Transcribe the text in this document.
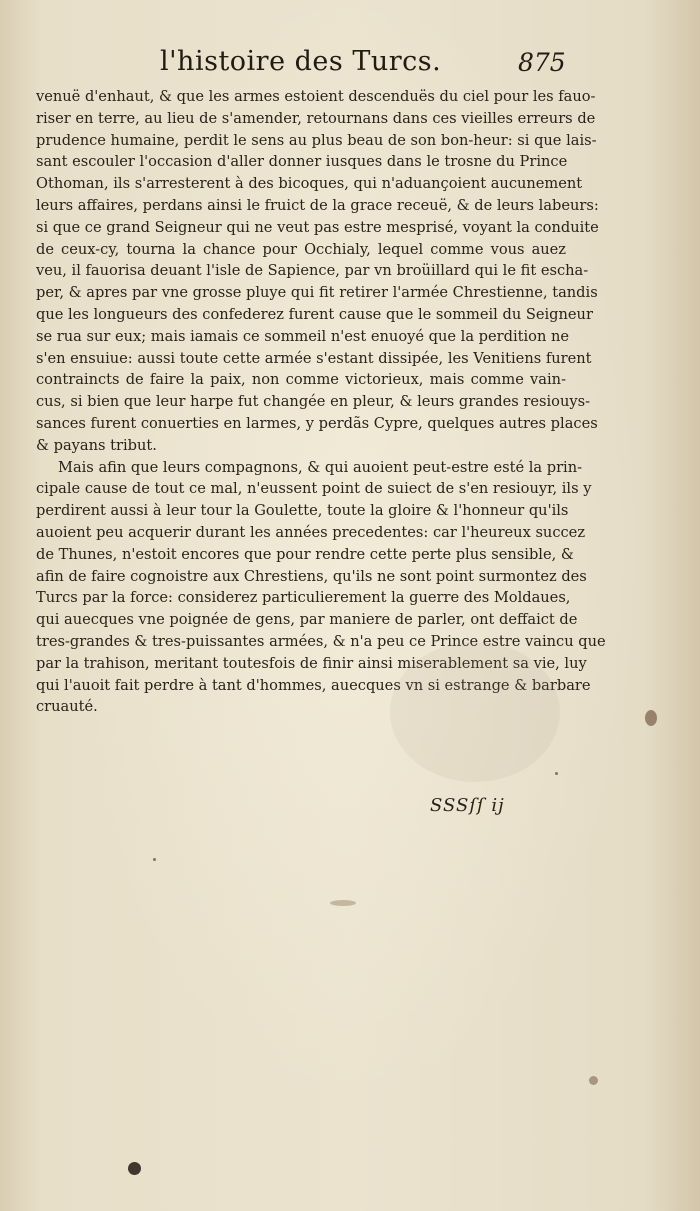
l'histoire des Turcs.	875
venuë d'enhaut, & que les armes estoient descenduës du ciel pour les fauo-
riser en terre, au lieu de s'amender, retournans dans ces vieilles erreurs de
prudence humaine, perdit le sens au plus beau de son bon-heur: si que lais-
sant escouler l'occasion d'aller donner iusques dans le trosne du Prince
Othoman, ils s'arresterent à des bicoques, qui n'aduançoient aucunement
leurs affaires, perdans ainsi le fruict de la grace receuë, & de leurs labeurs:
si que ce grand Seigneur qui ne veut pas estre mesprisé, voyant la conduite
de ceux-cy, tourna la chance pour Occhialy, lequel comme vous auez
veu, il fauorisa deuant l'isle de Sapience, par vn broüillard qui le fit escha-
per, & apres par vne grosse pluye qui fit retirer l'armée Chrestienne, tandis
que les longueurs des confederez furent cause que le sommeil du Seigneur
se rua sur eux; mais iamais ce sommeil n'est enuoyé que la perdition ne
s'en ensuiue: aussi toute cette armée s'estant dissipée, les Venitiens furent
contraincts de faire la paix, non comme victorieux, mais comme vain-
cus, si bien que leur harpe fut changée en pleur, & leurs grandes resiouys-
sances furent conuerties en larmes, y perdãs Cypre, quelques autres places
& payans tribut.
Mais afin que leurs compagnons, & qui auoient peut-estre esté la prin-
cipale cause de tout ce mal, n'eussent point de suiect de s'en resiouyr, ils y
perdirent aussi à leur tour la Goulette, toute la gloire & l'honneur qu'ils
auoient peu acquerir durant les années precedentes: car l'heureux succez
de Thunes, n'estoit encores que pour rendre cette perte plus sensible, &
afin de faire cognoistre aux Chrestiens, qu'ils ne sont point surmontez des
Turcs par la force: considerez particulierement la guerre des Moldaues,
qui auecques vne poignée de gens, par maniere de parler, ont deffaict de
tres-grandes & tres-puissantes armées, & n'a peu ce Prince estre vaincu que
par la trahison, meritant toutesfois de finir ainsi miserablement sa vie, luy
qui l'auoit fait perdre à tant d'hommes, auecques vn si estrange & barbare
cruauté.
SSSſſ ij
